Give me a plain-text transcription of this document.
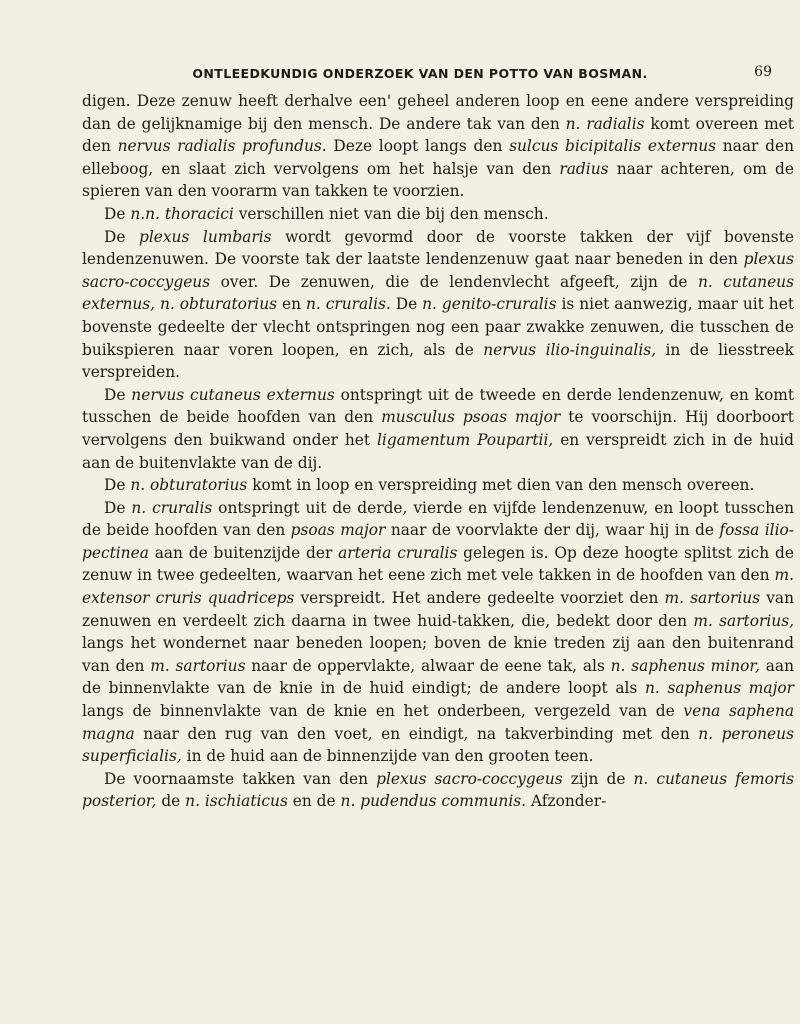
ONTLEEDKUNDIG ONDERZOEK VAN DEN POTTO VAN BOSMAN.	69

digen. Deze zenuw heeft derhalve een' geheel anderen loop en eene andere verspreiding dan de gelijknamige bij den mensch. De andere tak van den n. radialis komt overeen met den nervus radialis profundus. Deze loopt langs den sulcus bicipitalis externus naar den elleboog, en slaat zich vervolgens om het halsje van den radius naar achteren, om de spieren van den voorarm van takken te voorzien.

De n.n. thoracici verschillen niet van die bij den mensch.

De plexus lumbaris wordt gevormd door de voorste takken der vijf bovenste lendenzenuwen. De voorste tak der laatste lendenzenuw gaat naar beneden in den plexus sacro-coccygeus over. De zenuwen, die de lendenvlecht afgeeft, zijn de n. cutaneus externus, n. obturatorius en n. cruralis. De n. genito-cruralis is niet aanwezig, maar uit het bovenste gedeelte der vlecht ontspringen nog een paar zwakke zenuwen, die tusschen de buikspieren naar voren loopen, en zich, als de nervus ilio-inguinalis, in de liesstreek verspreiden.

De nervus cutaneus externus ontspringt uit de tweede en derde lendenzenuw, en komt tusschen de beide hoofden van den musculus psoas major te voorschijn. Hij doorboort vervolgens den buikwand onder het ligamentum Poupartii, en verspreidt zich in de huid aan de buitenvlakte van de dij.

De n. obturatorius komt in loop en verspreiding met dien van den mensch overeen.

De n. cruralis ontspringt uit de derde, vierde en vijfde lendenzenuw, en loopt tusschen de beide hoofden van den psoas major naar de voorvlakte der dij, waar hij in de fossa ilio-pectinea aan de buitenzijde der arteria cruralis gelegen is. Op deze hoogte splitst zich de zenuw in twee gedeelten, waarvan het eene zich met vele takken in de hoofden van den m. extensor cruris quadriceps verspreidt. Het andere gedeelte voorziet den m. sartorius van zenuwen en verdeelt zich daarna in twee huid-takken, die, bedekt door den m. sartorius, langs het wondernet naar beneden loopen; boven de knie treden zij aan den buitenrand van den m. sartorius naar de oppervlakte, alwaar de eene tak, als n. saphenus minor, aan de binnenvlakte van de knie in de huid eindigt; de andere loopt als n. saphenus major langs de binnenvlakte van de knie en het onderbeen, vergezeld van de vena saphena magna naar den rug van den voet, en eindigt, na takverbinding met den n. peroneus superficialis, in de huid aan de binnenzijde van den grooten teen.

De voornaamste takken van den plexus sacro-coccygeus zijn de n. cutaneus femoris posterior, de n. ischiaticus en de n. pudendus communis. Afzonder-
